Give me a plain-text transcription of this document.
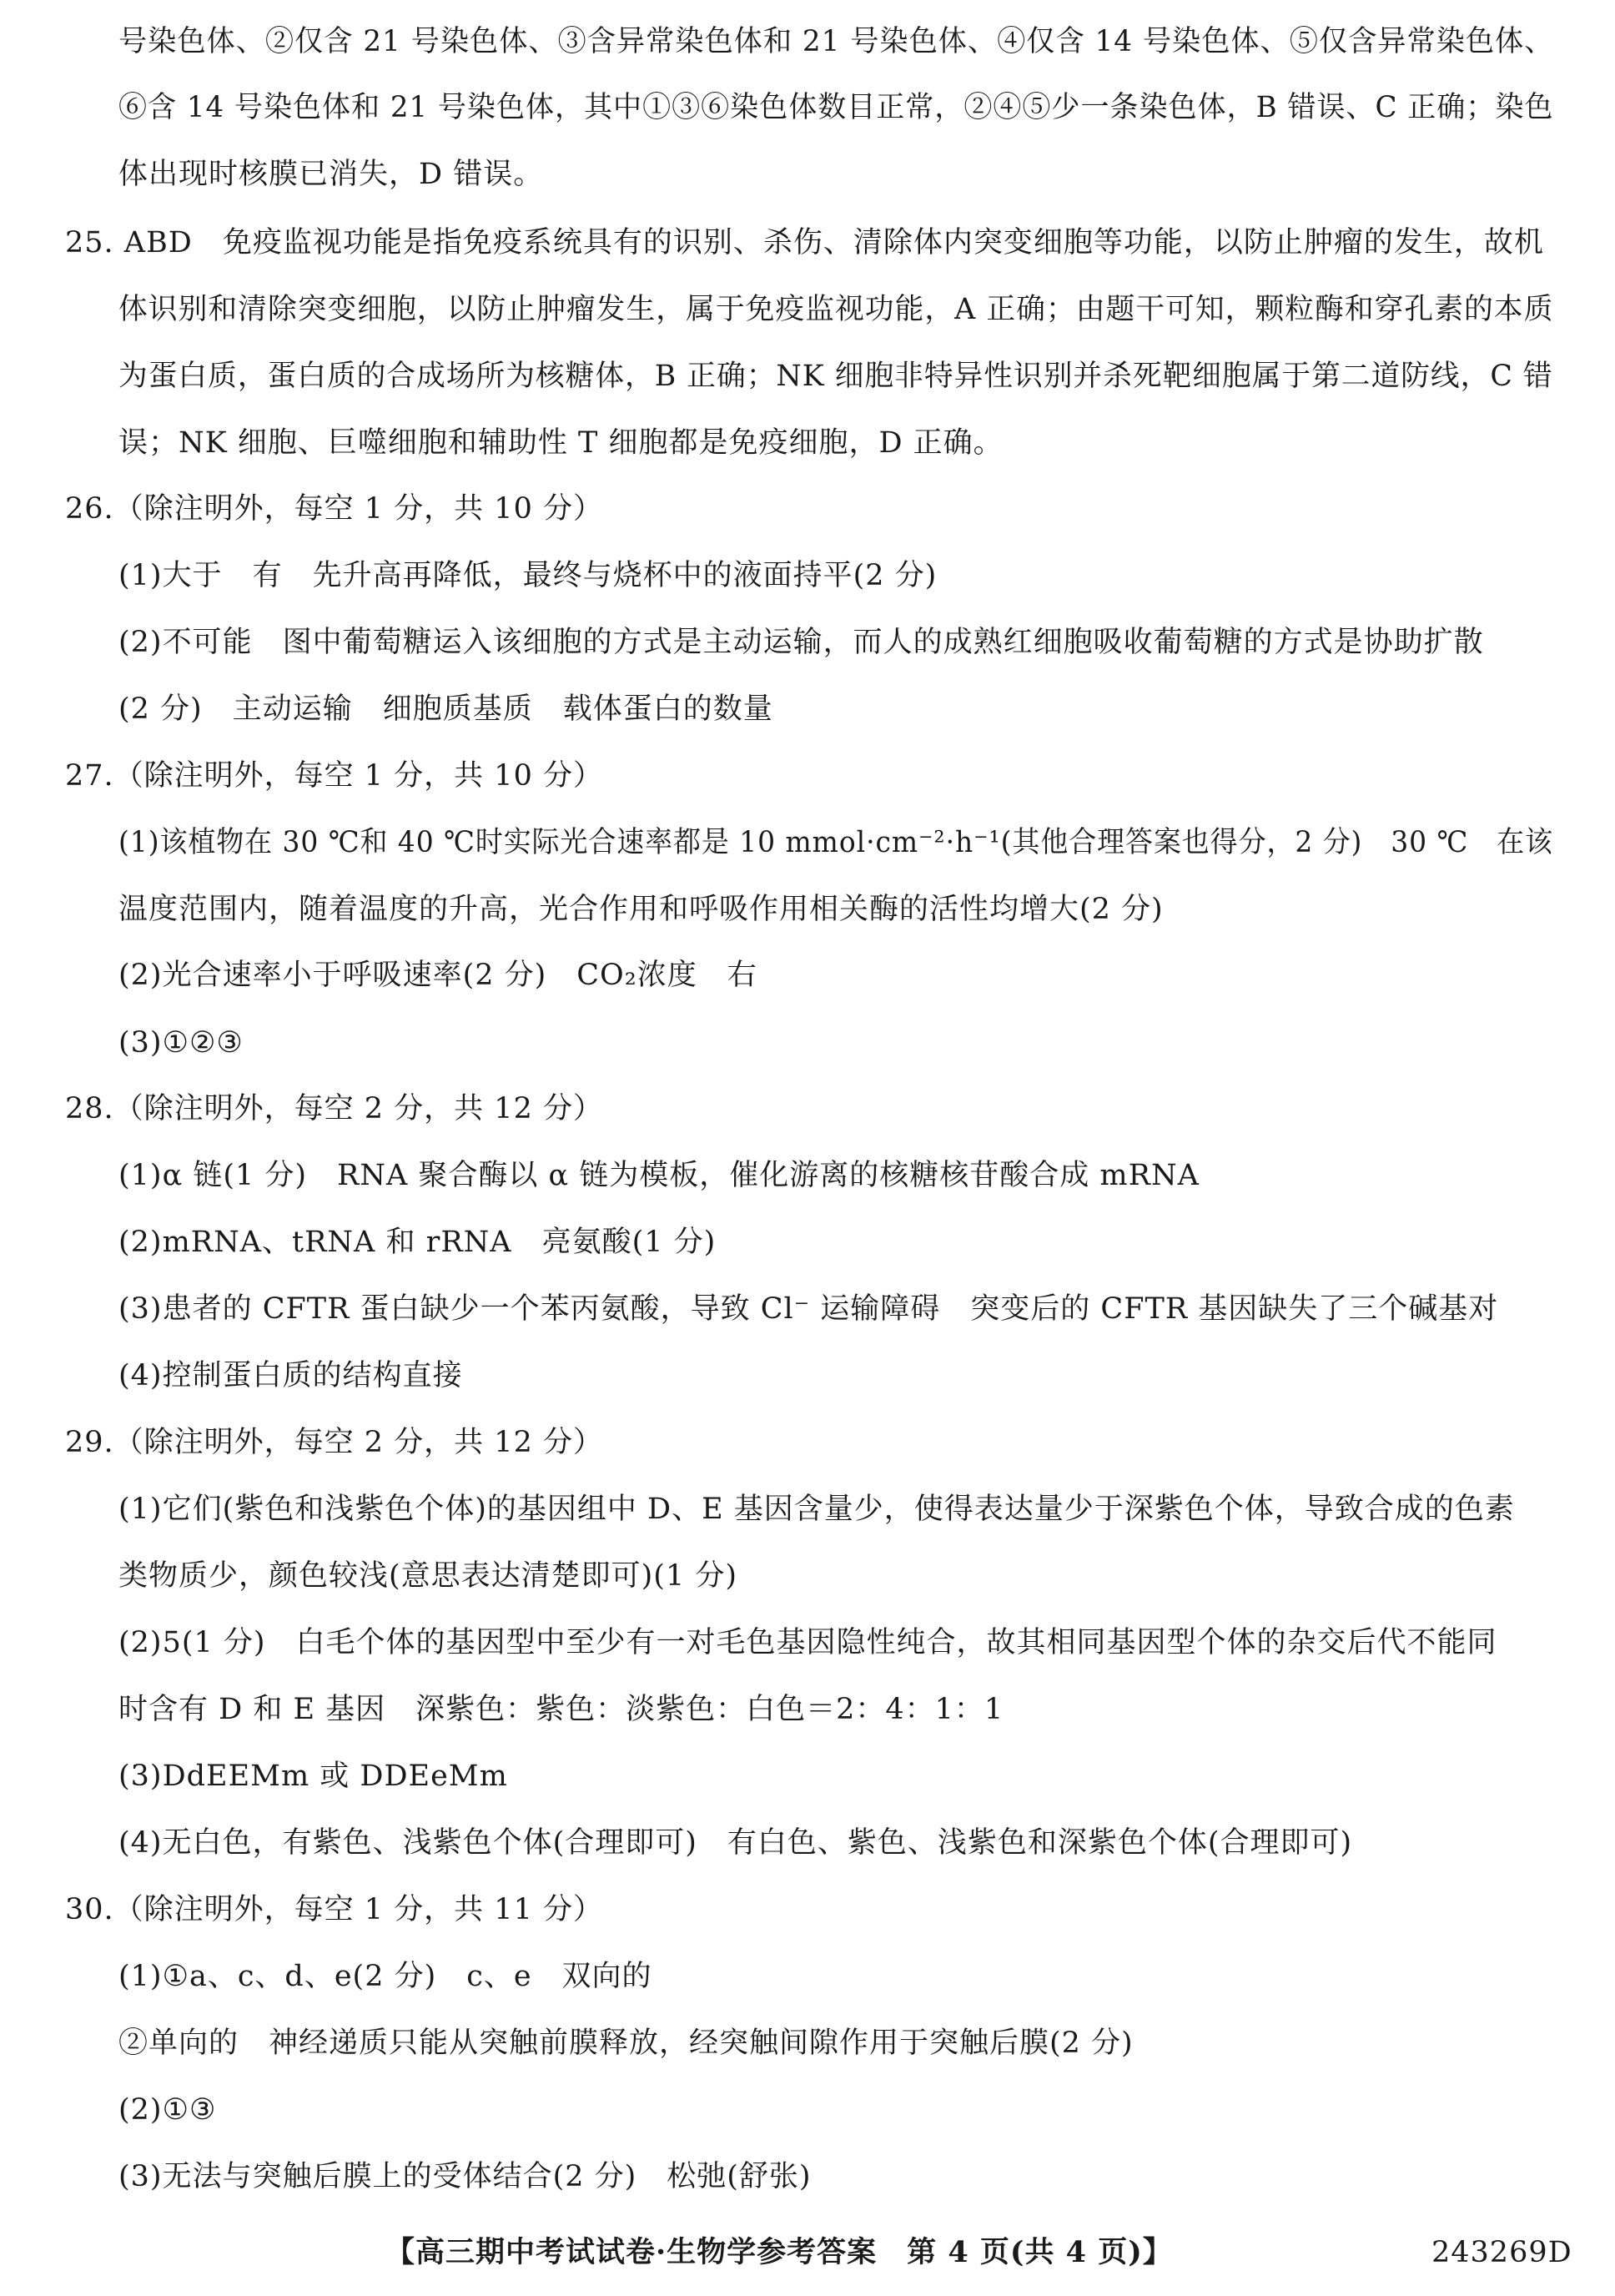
号染色体、②仅含 21 号染色体、③含异常染色体和 21 号染色体、④仅含 14 号染色体、⑤仅含异常染色体、
⑥含 14 号染色体和 21 号染色体，其中①③⑥染色体数目正常，②④⑤少一条染色体，B 错误、C 正确；染色
体出现时核膜已消失，D 错误。
25. ABD　免疫监视功能是指免疫系统具有的识别、杀伤、清除体内突变细胞等功能，以防止肿瘤的发生，故机
体识别和清除突变细胞，以防止肿瘤发生，属于免疫监视功能，A 正确；由题干可知，颗粒酶和穿孔素的本质
为蛋白质，蛋白质的合成场所为核糖体，B 正确；NK 细胞非特异性识别并杀死靶细胞属于第二道防线，C 错
误；NK 细胞、巨噬细胞和辅助性 T 细胞都是免疫细胞，D 正确。
26.（除注明外，每空 1 分，共 10 分）
(1)大于　有　先升高再降低，最终与烧杯中的液面持平(2 分)
(2)不可能　图中葡萄糖运入该细胞的方式是主动运输，而人的成熟红细胞吸收葡萄糖的方式是协助扩散
(2 分)　主动运输　细胞质基质　载体蛋白的数量
27.（除注明外，每空 1 分，共 10 分）
(1)该植物在 30 ℃和 40 ℃时实际光合速率都是 10 mmol·cm⁻²·h⁻¹(其他合理答案也得分，2 分)　30 ℃　在该
温度范围内，随着温度的升高，光合作用和呼吸作用相关酶的活性均增大(2 分)
(2)光合速率小于呼吸速率(2 分)　CO₂浓度　右
(3)①②③
28.（除注明外，每空 2 分，共 12 分）
(1)α 链(1 分)　RNA 聚合酶以 α 链为模板，催化游离的核糖核苷酸合成 mRNA
(2)mRNA、tRNA 和 rRNA　亮氨酸(1 分)
(3)患者的 CFTR 蛋白缺少一个苯丙氨酸，导致 Cl⁻ 运输障碍　突变后的 CFTR 基因缺失了三个碱基对
(4)控制蛋白质的结构直接
29.（除注明外，每空 2 分，共 12 分）
(1)它们(紫色和浅紫色个体)的基因组中 D、E 基因含量少，使得表达量少于深紫色个体，导致合成的色素
类物质少，颜色较浅(意思表达清楚即可)(1 分)
(2)5(1 分)　白毛个体的基因型中至少有一对毛色基因隐性纯合，故其相同基因型个体的杂交后代不能同
时含有 D 和 E 基因　深紫色：紫色：淡紫色：白色＝2：4：1：1
(3)DdEEMm 或 DDEeMm
(4)无白色，有紫色、浅紫色个体(合理即可)　有白色、紫色、浅紫色和深紫色个体(合理即可)
30.（除注明外，每空 1 分，共 11 分）
(1)①a、c、d、e(2 分)　c、e　双向的
②单向的　神经递质只能从突触前膜释放，经突触间隙作用于突触后膜(2 分)
(2)①③
(3)无法与突触后膜上的受体结合(2 分)　松弛(舒张)
【高三期中考试试卷·生物学参考答案　第 4 页(共 4 页)】	243269D
